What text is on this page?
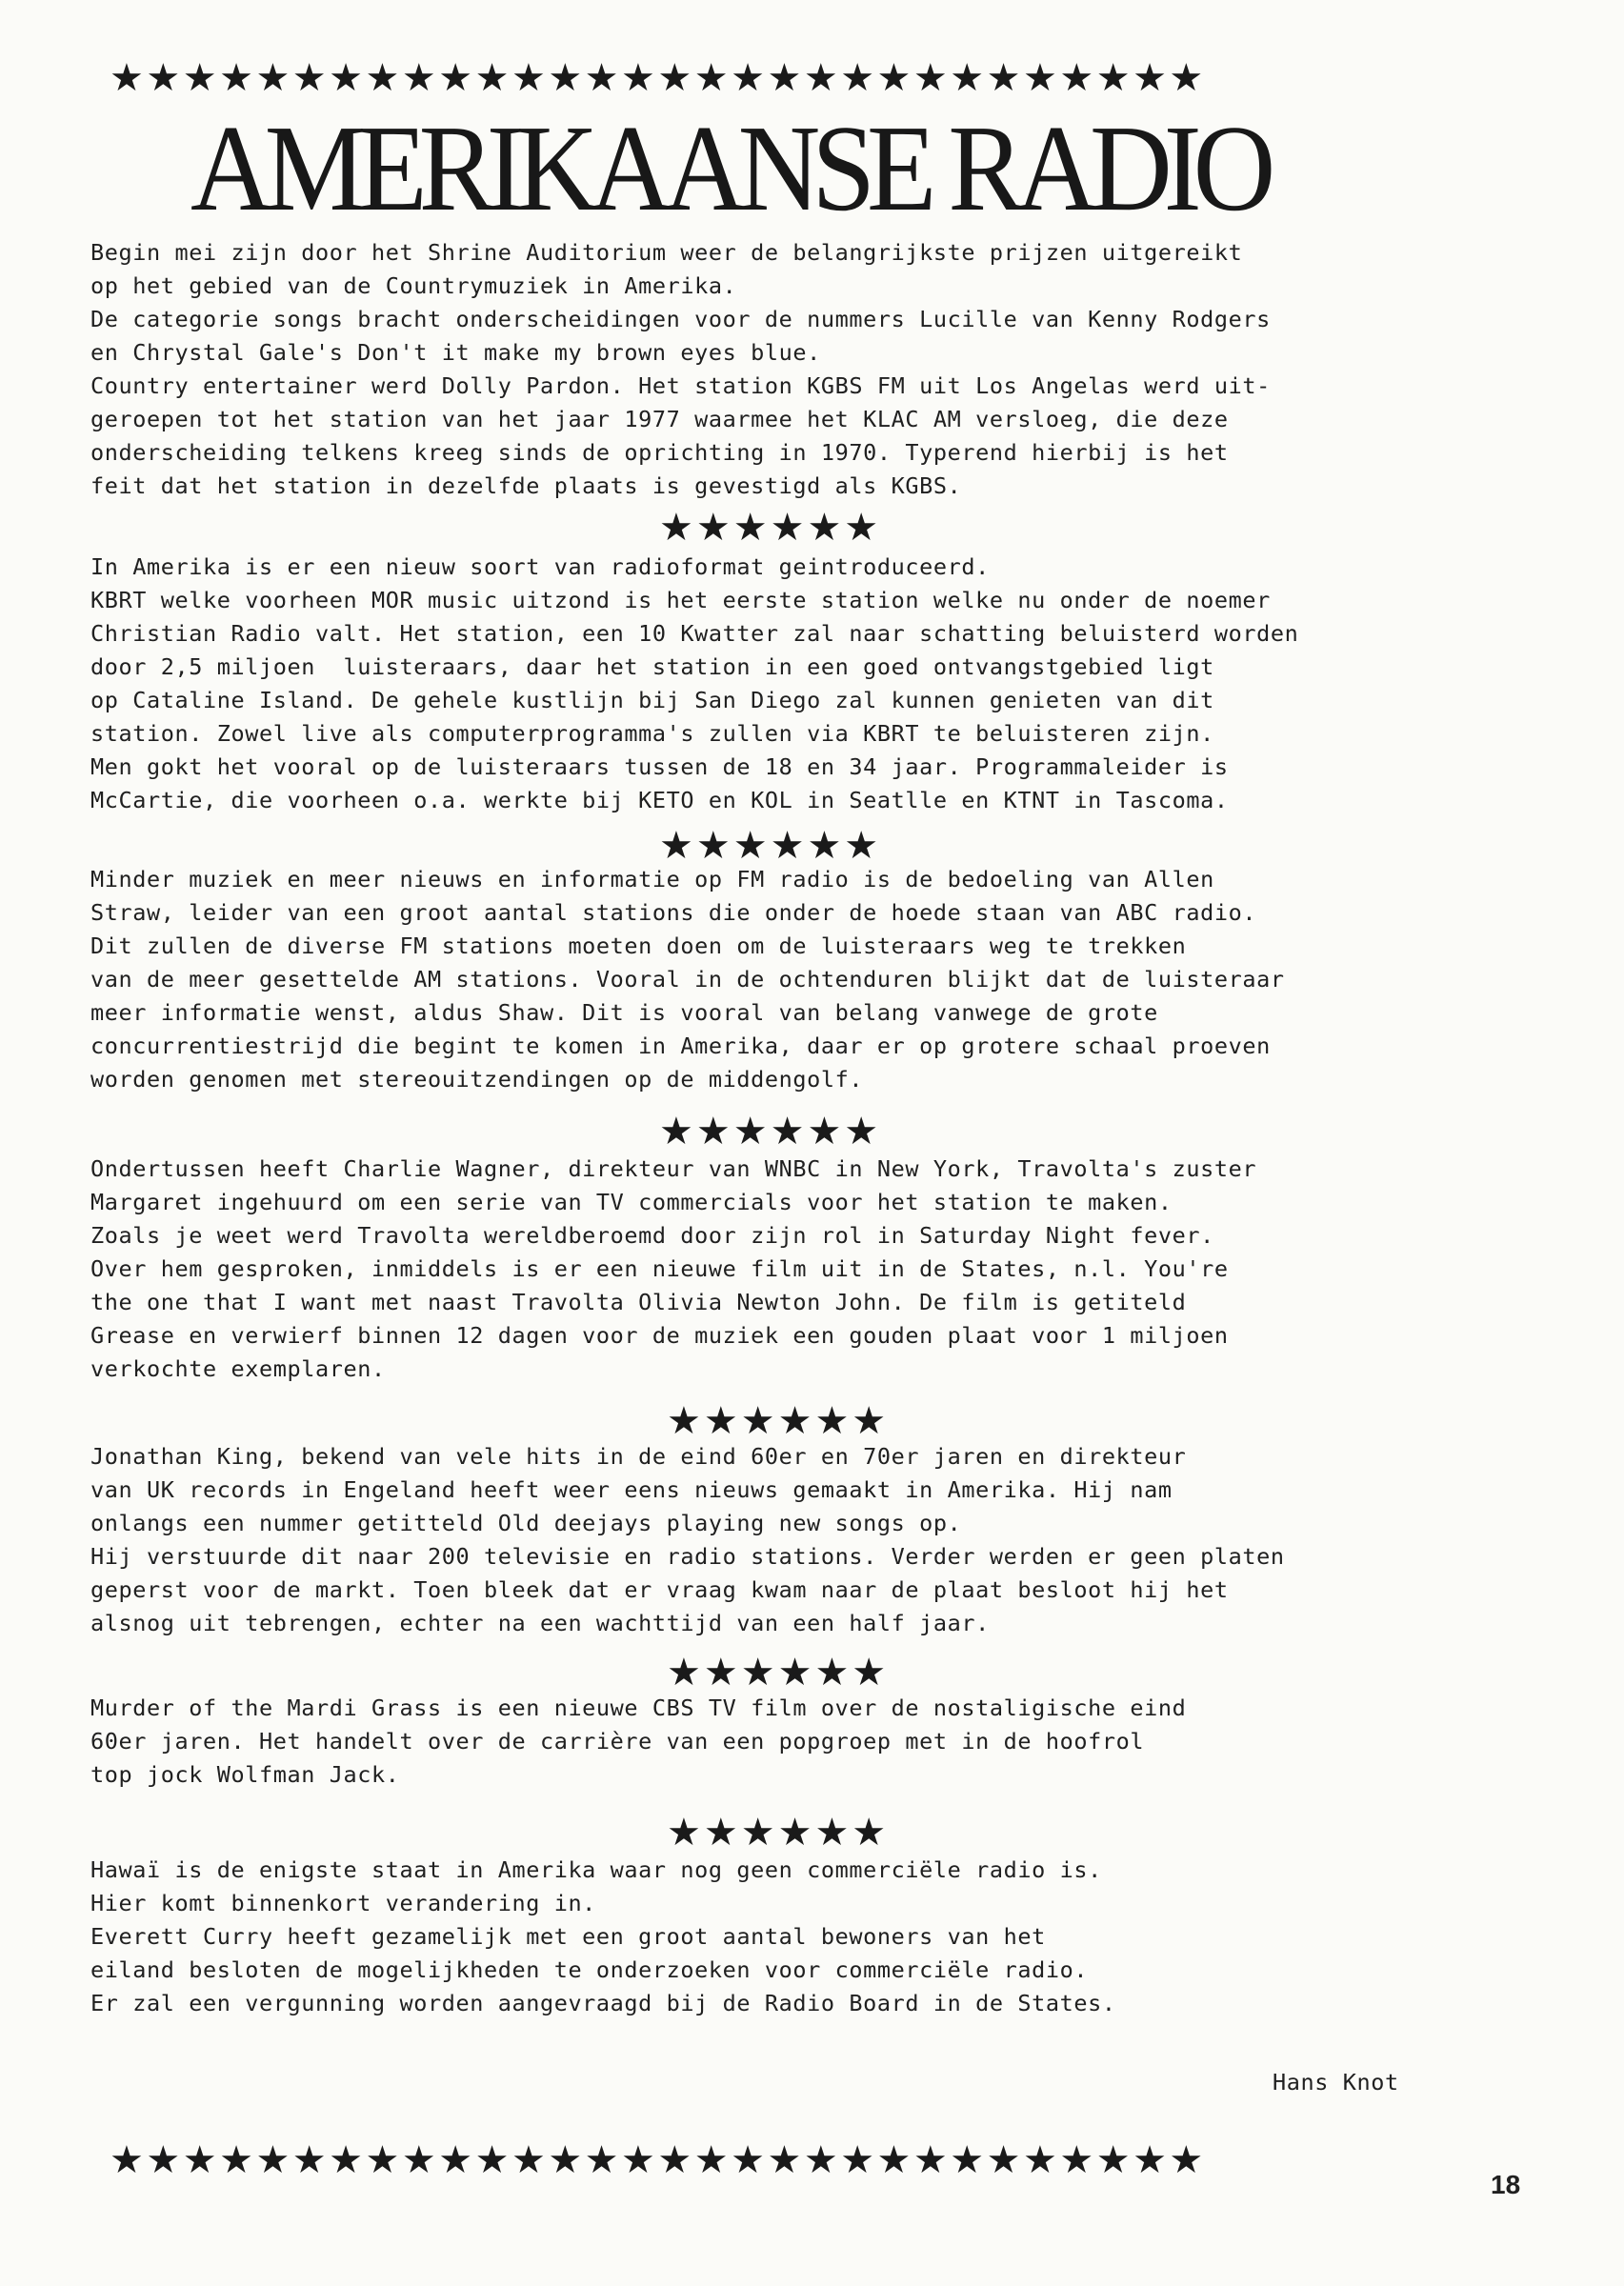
★★★★★★★★★★★★★★★★★★★★★★★★★★★★★★
AMERIKAANSE RADIO

Begin mei zijn door het Shrine Auditorium weer de belangrijkste prijzen uitgereikt
op het gebied van de Countrymuziek in Amerika.
De categorie songs bracht onderscheidingen voor de nummers Lucille van Kenny Rodgers
en Chrystal Gale's Don't it make my brown eyes blue.
Country entertainer werd Dolly Pardon. Het station KGBS FM uit Los Angelas werd uit-
geroepen tot het station van het jaar 1977 waarmee het KLAC AM versloeg, die deze
onderscheiding telkens kreeg sinds de oprichting in 1970. Typerend hierbij is het
feit dat het station in dezelfde plaats is gevestigd als KGBS.

★★★★★★

In Amerika is er een nieuw soort van radioformat geintroduceerd.
KBRT welke voorheen MOR music uitzond is het eerste station welke nu onder de noemer
Christian Radio valt. Het station, een 10 Kwatter zal naar schatting beluisterd worden
door 2,5 miljoen  luisteraars, daar het station in een goed ontvangstgebied ligt
op Cataline Island. De gehele kustlijn bij San Diego zal kunnen genieten van dit
station. Zowel live als computerprogramma's zullen via KBRT te beluisteren zijn.
Men gokt het vooral op de luisteraars tussen de 18 en 34 jaar. Programmaleider is
McCartie, die voorheen o.a. werkte bij KETO en KOL in Seatlle en KTNT in Tascoma.

★★★★★★

Minder muziek en meer nieuws en informatie op FM radio is de bedoeling van Allen
Straw, leider van een groot aantal stations die onder de hoede staan van ABC radio.
Dit zullen de diverse FM stations moeten doen om de luisteraars weg te trekken
van de meer gesettelde AM stations. Vooral in de ochtenduren blijkt dat de luisteraar
meer informatie wenst, aldus Shaw. Dit is vooral van belang vanwege de grote
concurrentiestrijd die begint te komen in Amerika, daar er op grotere schaal proeven
worden genomen met stereouitzendingen op de middengolf.

★★★★★★

Ondertussen heeft Charlie Wagner, direkteur van WNBC in New York, Travolta's zuster
Margaret ingehuurd om een serie van TV commercials voor het station te maken.
Zoals je weet werd Travolta wereldberoemd door zijn rol in Saturday Night fever.
Over hem gesproken, inmiddels is er een nieuwe film uit in de States, n.l. You're
the one that I want met naast Travolta Olivia Newton John. De film is getiteld
Grease en verwierf binnen 12 dagen voor de muziek een gouden plaat voor 1 miljoen
verkochte exemplaren.

★★★★★★

Jonathan King, bekend van vele hits in de eind 60er en 70er jaren en direkteur
van UK records in Engeland heeft weer eens nieuws gemaakt in Amerika. Hij nam
onlangs een nummer getitteld Old deejays playing new songs op.
Hij verstuurde dit naar 200 televisie en radio stations. Verder werden er geen platen
geperst voor de markt. Toen bleek dat er vraag kwam naar de plaat besloot hij het
alsnog uit tebrengen, echter na een wachttijd van een half jaar.

★★★★★★

Murder of the Mardi Grass is een nieuwe CBS TV film over de nostaligische eind
60er jaren. Het handelt over de carrière van een popgroep met in de hoofrol
top jock Wolfman Jack.

★★★★★★

Hawaï is de enigste staat in Amerika waar nog geen commerciële radio is.
Hier komt binnenkort verandering in.
Everett Curry heeft gezamelijk met een groot aantal bewoners van het
eiland besloten de mogelijkheden te onderzoeken voor commerciële radio.
Er zal een vergunning worden aangevraagd bij de Radio Board in de States.

Hans Knot
★★★★★★★★★★★★★★★★★★★★★★★★★★★★★★
18
